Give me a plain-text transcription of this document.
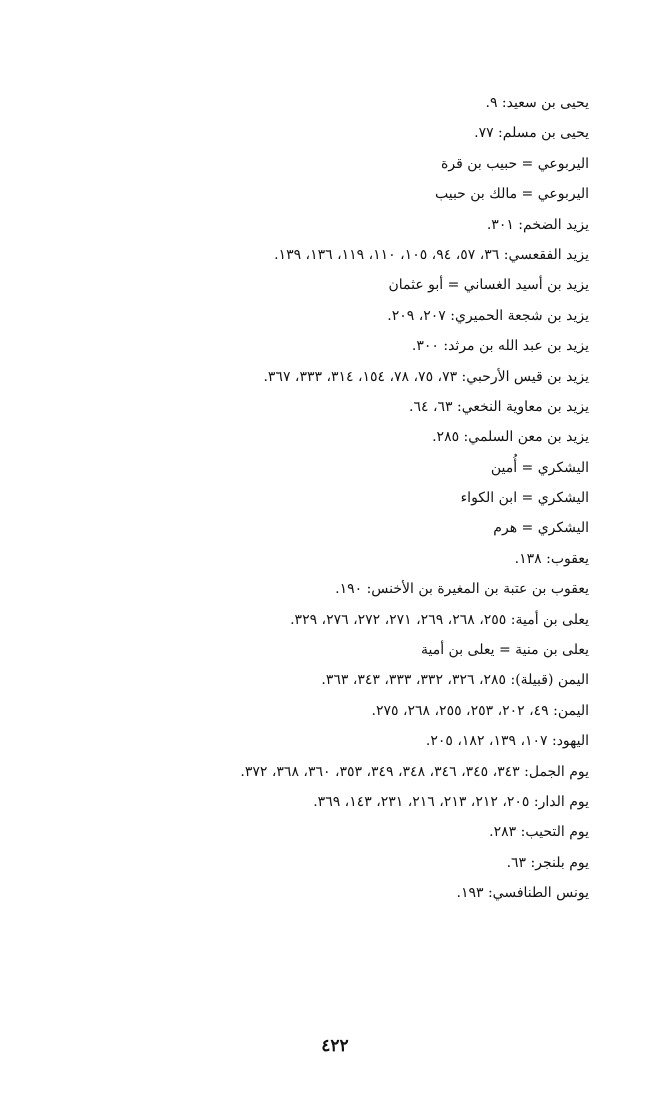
يحيى بن سعيد: ٩.
يحيى بن مسلم: ٧٧.
اليربوعي = حبيب بن قرة
اليربوعي = مالك بن حبيب
يزيد الضخم: ٣٠١.
يزيد الفقعسي: ٣٦، ٥٧، ٩٤، ١٠٥، ١١٠، ١١٩، ١٣٦، ١٣٩.
يزيد بن أسيد الغساني = أبو عثمان
يزيد بن شجعة الحميري: ٢٠٧، ٢٠٩.
يزيد بن عبد الله بن مرثد: ٣٠٠.
يزيد بن قيس الأرحبي: ٧٣، ٧٥، ٧٨، ١٥٤، ٣١٤، ٣٣٣، ٣٦٧.
يزيد بن معاوية النخعي: ٦٣، ٦٤.
يزيد بن معن السلمي: ٢٨٥.
اليشكري = أُمين
اليشكري = ابن الكواء
اليشكري = هرم
يعقوب: ١٣٨.
يعقوب بن عتبة بن المغيرة بن الأخنس: ١٩٠.
يعلى بن أمية: ٢٥٥، ٢٦٨، ٢٦٩، ٢٧١، ٢٧٢، ٢٧٦، ٣٢٩.
يعلى بن منية = يعلى بن أمية
اليمن (قبيلة): ٢٨٥، ٣٢٦، ٣٣٢، ٣٣٣، ٣٤٣، ٣٦٣.
اليمن: ٤٩، ٢٠٢، ٢٥٣، ٢٥٥، ٢٦٨، ٢٧٥.
اليهود: ١٠٧، ١٣٩، ١٨٢، ٢٠٥.
يوم الجمل: ٣٤٣، ٣٤٥، ٣٤٦، ٣٤٨، ٣٤٩، ٣٥٣، ٣٦٠، ٣٦٨، ٣٧٢.
يوم الدار: ٢٠٥، ٢١٢، ٢١٣، ٢١٦، ٢٣١، ١٤٣، ٣٦٩.
يوم التحيب: ٢٨٣.
يوم بلنجر: ٦٣.
يونس الطنافسي: ١٩٣.
٤٢٢
